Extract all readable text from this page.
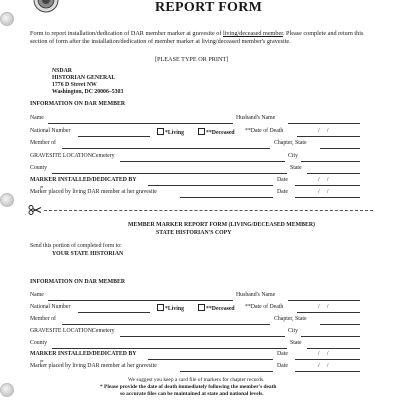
REPORT FORM
Form to report installation/dedication of DAR member marker at gravesite of living/deceased member. Please complete and return this section of form after the installation/dedication of member marker at living/deceased member's gravesite.
[PLEASE TYPE OR PRINT]
NSDAR
HISTORIAN GENERAL
1776 D Street NW
Washington, DC 20006–5303
INFORMATION ON DAR MEMBER
Name	Husband's Name
National Number	*Living	**Deceased **Date of Death	/     /
Member of	Chapter, State
GRAVESITE LOCATION:
Cemetery	City
County	State
MARKER INSTALLED/DEDICATED BY	Date	/     /
or
Marker placed by living DAR member at her gravesite	Date	/     /
MEMBER MARKER REPORT FORM (LIVING/DECEASED MEMBER)
STATE HISTORIAN'S COPY
Send this portion of completed form to:
YOUR STATE HISTORIAN
INFORMATION ON DAR MEMBER
Name	Husband's Name
National Number	*Living	**Deceased **Date of Death	/     /
Member of	Chapter, State
GRAVESITE LOCATION:
Cemetery	City
County	State
MARKER INSTALLED/DEDICATED BY	Date	/     /
or
Marker placed by living DAR member at her gravesite	Date	/     /
We suggest you keep a card file of markers for chapter records.
* Please provide the date of death immediately following the member's death
so accurate files can be maintained at state and national levels.
